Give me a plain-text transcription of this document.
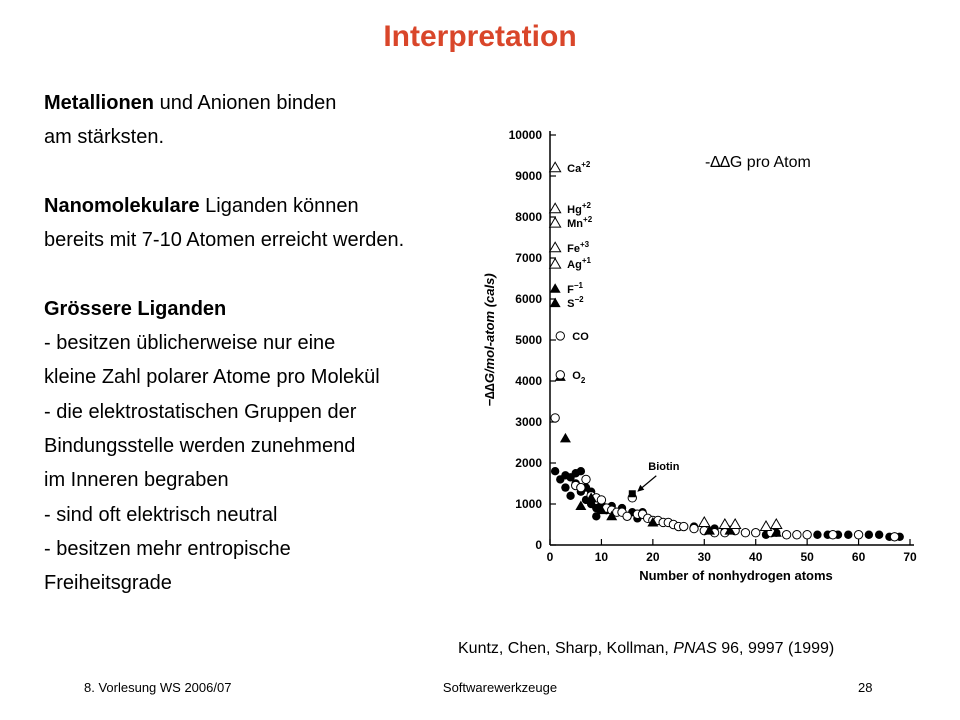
Interpretation
Metallionen und Anionen binden
am stärksten.
Nanomolekulare Liganden können
bereits mit 7-10 Atomen erreicht werden.
Grössere Liganden
- besitzen üblicherweise nur eine
kleine Zahl polarer Atome pro Molekül
- die elektrostatischen Gruppen der
Bindungsstelle werden zunehmend
im Inneren begraben
- sind oft elektrisch neutral
- besitzen mehr entropische
Freiheitsgrade
0
1000
2000
3000
4000
5000
6000
7000
8000
9000
10000
0	10	20	30	40	50	60	70
Number of nonhydrogen atoms
−∆∆G/mol-atom (cals)
$Ca^{+2}$
$Hg^{+2}$
$Mn^{+2}$
$Fe^{+3}$
$Ag^{+1}$
$F^{-1}$
$S^{-2}$
CO
$O_2$
Biotin
-∆∆G pro Atom
Kuntz, Chen, Sharp, Kollman, PNAS 96, 9997 (1999)
8. Vorlesung WS 2006/07	Softwarewerkzeuge	28
